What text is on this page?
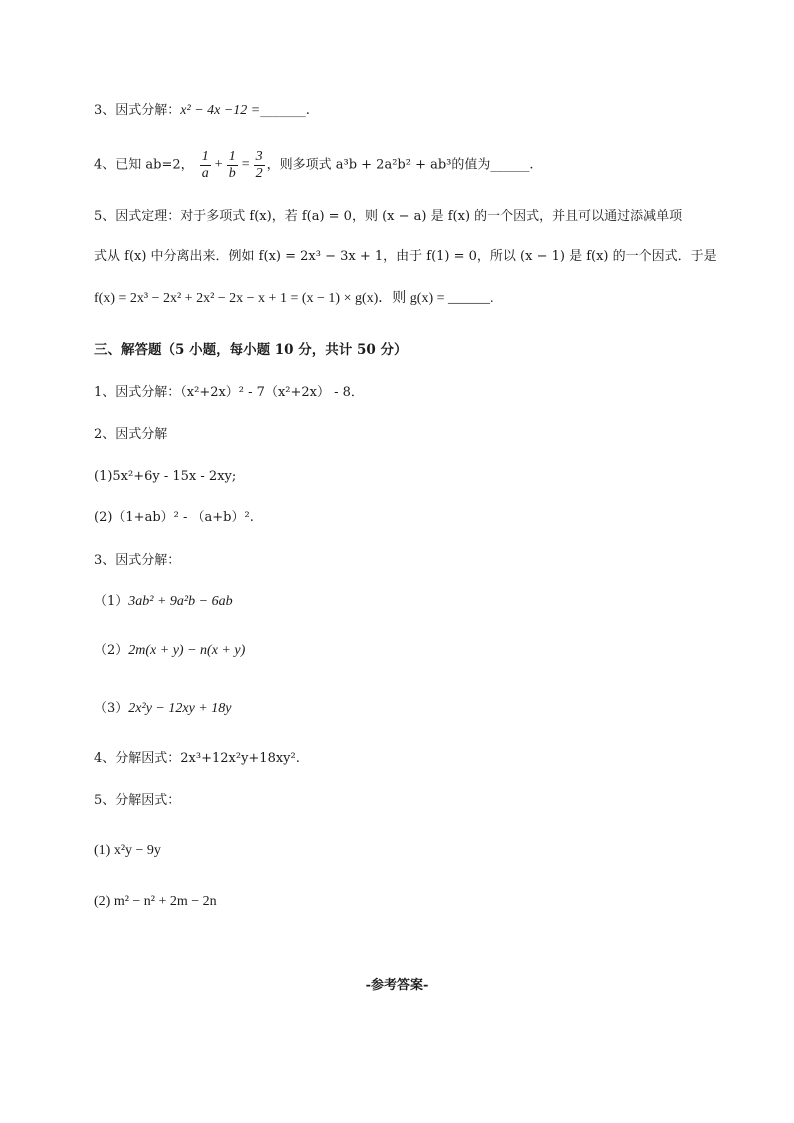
3、因式分解：x² − 4x −12 =_______.
4、已知 ab=2， $\frac{1}{a} + \frac{1}{b} = \frac{3}{2}$ ，则多项式 a³b + 2a²b² + ab³的值为______.
5、因式定理：对于多项式 f(x)，若 f(a) = 0，则 (x − a) 是 f(x) 的一个因式，并且可以通过添减单项
式从 f(x) 中分离出来．例如 f(x) = 2x³ − 3x + 1，由于 f(1) = 0，所以 (x − 1) 是 f(x) 的一个因式．于是
f(x) = 2x³ − 2x² + 2x² − 2x − x + 1 = (x − 1) × g(x)．则 g(x) = ______.
三、解答题（5 小题，每小题 10 分，共计 50 分）
1、因式分解：（x²+2x）² - 7（x²+2x） - 8．
2、因式分解
(1)5x²+6y - 15x - 2xy;
(2)（1+ab）² - （a+b）².
3、因式分解：
（1）3ab² + 9a²b − 6ab
（2）2m(x + y) − n(x + y)
（3）2x²y − 12xy + 18y
4、分解因式：2x³+12x²y+18xy².
5、分解因式：
(1) x²y − 9y
(2) m² − n² + 2m − 2n
-参考答案-
